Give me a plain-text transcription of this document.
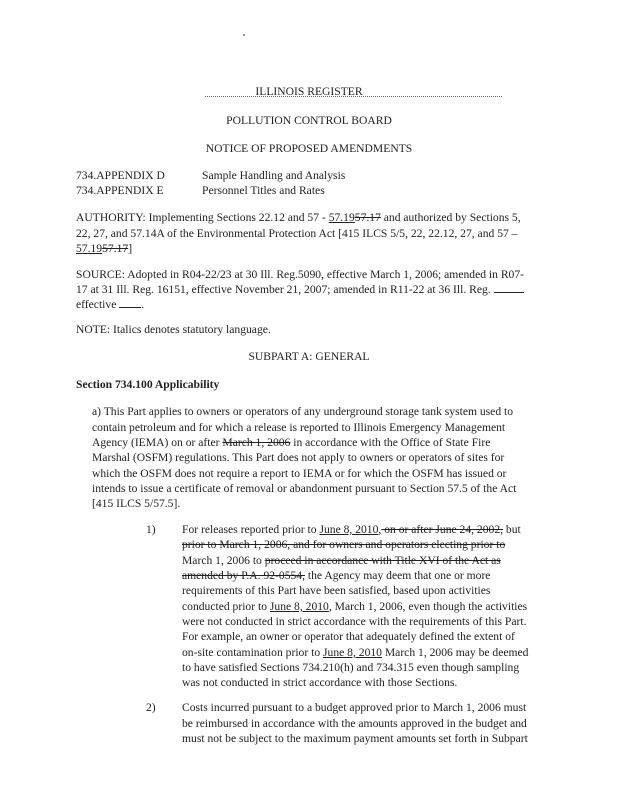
ILLINOIS REGISTER
POLLUTION CONTROL BOARD
NOTICE OF PROPOSED AMENDMENTS
734.APPENDIX D	Sample Handling and Analysis
734.APPENDIX E	Personnel Titles and Rates
AUTHORITY: Implementing Sections 22.12 and 57 - 57.1957.17 and authorized by Sections 5,
22, 27, and 57.14A of the Environmental Protection Act [415 ILCS 5/5, 22, 22.12, 27, and 57 –
57.1957.17]
SOURCE: Adopted in R04-22/23 at 30 Ill. Reg.5090, effective March 1, 2006; amended in R07-
17 at 31 Ill. Reg. 16151, effective November 21, 2007; amended in R11-22 at 36 Ill. Reg.
effective .
NOTE: Italics denotes statutory language.
SUBPART A: GENERAL
Section 734.100 Applicability
a) This Part applies to owners or operators of any underground storage tank system used to
contain petroleum and for which a release is reported to Illinois Emergency Management
Agency (IEMA) on or after March 1, 2006 in accordance with the Office of State Fire
Marshal (OSFM) regulations. This Part does not apply to owners or operators of sites for
which the OSFM does not require a report to IEMA or for which the OSFM has issued or
intends to issue a certificate of removal or abandonment pursuant to Section 57.5 of the Act
[415 ILCS 5/57.5].
1) For releases reported prior to June 8, 2010, on or after June 24, 2002, but
prior to March 1, 2006, and for owners and operators electing prior to
March 1, 2006 to proceed in accordance with Title XVI of the Act as
amended by P.A. 92-0554, the Agency may deem that one or more
requirements of this Part have been satisfied, based upon activities
conducted prior to June 8, 2010, March 1, 2006, even though the activities
were not conducted in strict accordance with the requirements of this Part.
For example, an owner or operator that adequately defined the extent of
on-site contamination prior to June 8, 2010 March 1, 2006 may be deemed
to have satisfied Sections 734.210(h) and 734.315 even though sampling
was not conducted in strict accordance with those Sections.
2) Costs incurred pursuant to a budget approved prior to March 1, 2006 must
be reimbursed in accordance with the amounts approved in the budget and
must not be subject to the maximum payment amounts set forth in Subpart
